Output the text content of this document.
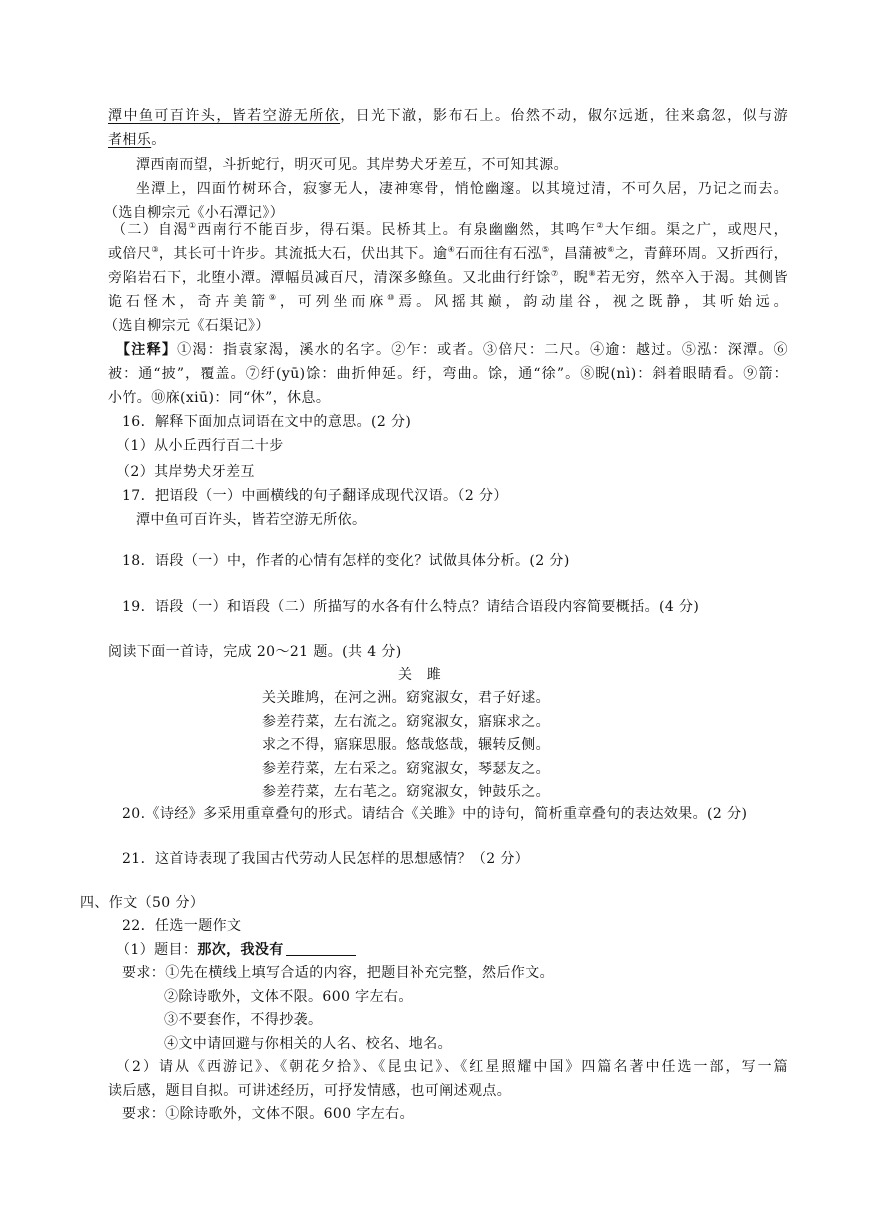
潭中鱼可百许头，皆若空游无所依，日光下澈，影布石上。佁然不动，俶尔远逝，往来翕忽，似与游
者相乐。
潭西南而望，斗折蛇行，明灭可见。其岸势犬牙差互，不可知其源。
坐潭上，四面竹树环合，寂寥无人，凄神寒骨，悄怆幽邃。以其境过清，不可久居，乃记之而去。
（选自柳宗元《小石潭记》）
（二）自渴①西南行不能百步，得石渠。民桥其上。有泉幽幽然，其鸣乍②大乍细。渠之广，或咫尺，
或倍尺③，其长可十许步。其流抵大石，伏出其下。逾④石而往有石泓⑤，昌蒲被⑥之，青藓环周。又折西行，
旁陷岩石下，北堕小潭。潭幅员减百尺，清深多鲦鱼。又北曲行纡馀⑦，睨⑧若无穷，然卒入于渴。其侧皆
诡石怪木，奇卉美箭⑨，可列坐而庥⑩焉。风摇其巅，韵动崖谷，视之既静，其听始远。
（选自柳宗元《石渠记》）
【注释】①渴：指袁家渴，溪水的名字。②乍：或者。③倍尺：二尺。④逾：越过。⑤泓：深潭。⑥
被：通“披”，覆盖。⑦纡(yū)馀：曲折伸延。纡，弯曲。馀，通“徐”。⑧睨(nì)：斜着眼睛看。⑨箭：
小竹。⑩庥(xiū)：同“休”，休息。
16．解释下面加点词语在文中的意思。(2 分)
（1）从小丘西行百二十步
（2）其岸势犬牙差互
17．把语段（一）中画横线的句子翻译成现代汉语。（2 分）
潭中鱼可百许头，皆若空游无所依。
18．语段（一）中，作者的心情有怎样的变化？试做具体分析。(2 分)
19．语段（一）和语段（二）所描写的水各有什么特点？请结合语段内容简要概括。(4 分)
阅读下面一首诗，完成 20～21 题。(共 4 分)
关　雎
关关雎鸠，在河之洲。窈窕淑女，君子好逑。
参差荇菜，左右流之。窈窕淑女，寤寐求之。
求之不得，寤寐思服。悠哉悠哉，辗转反侧。
参差荇菜，左右采之。窈窕淑女，琴瑟友之。
参差荇菜，左右芼之。窈窕淑女，钟鼓乐之。
20.《诗经》多采用重章叠句的形式。请结合《关雎》中的诗句，简析重章叠句的表达效果。(2 分)
21．这首诗表现了我国古代劳动人民怎样的思想感情？（2 分）
四、作文（50 分）
22．任选一题作文
（1）题目：那次，我没有
要求：①先在横线上填写合适的内容，把题目补充完整，然后作文。
②除诗歌外，文体不限。600 字左右。
③不要套作，不得抄袭。
④文中请回避与你相关的人名、校名、地名。
（2）请从《西游记》、《朝花夕拾》、《昆虫记》、《红星照耀中国》四篇名著中任选一部，写一篇
读后感，题目自拟。可讲述经历，可抒发情感，也可阐述观点。
要求：①除诗歌外，文体不限。600 字左右。
